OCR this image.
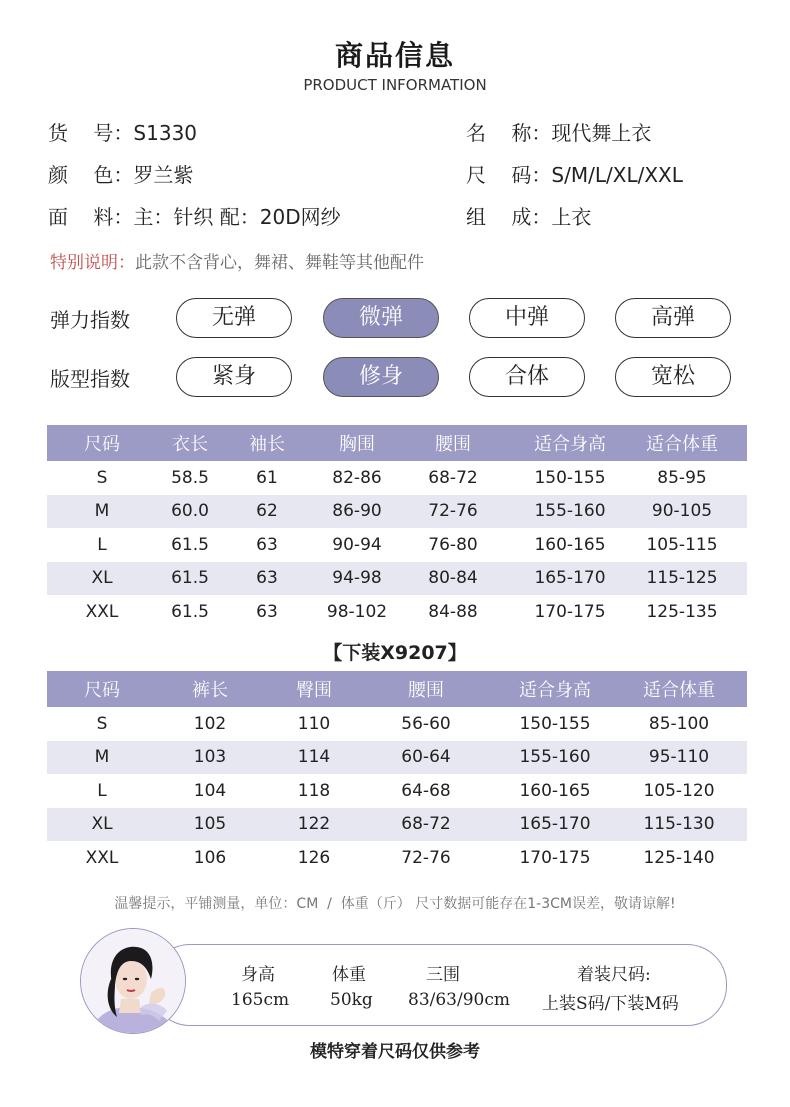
商品信息
PRODUCT INFORMATION
货    号：S1330	名    称：现代舞上衣
颜    色：罗兰紫	尺    码：S/M/L/XL/XXL
面    料：主：针织 配：20D网纱	组    成：上衣
特别说明：此款不含背心，舞裙、舞鞋等其他配件
弹力指数	无弹	微弹	中弹	高弹
版型指数	紧身	修身	合体	宽松
尺码	衣长	袖长	胸围	腰围	适合身高	适合体重
S	58.5	61	82-86	68-72	150-155	85-95
M	60.0	62	86-90	72-76	155-160	90-105
L	61.5	63	90-94	76-80	160-165	105-115
XL	61.5	63	94-98	80-84	165-170	115-125
XXL	61.5	63	98-102	84-88	170-175	125-135
【下装X9207】
尺码	裤长	臀围	腰围	适合身高	适合体重
S	102	110	56-60	150-155	85-100
M	103	114	60-64	155-160	95-110
L	104	118	64-68	160-165	105-120
XL	105	122	68-72	165-170	115-130
XXL	106	126	72-76	170-175	125-140
温馨提示，平铺测量，单位：CM  /  体重（斤） 尺寸数据可能存在1-3CM误差，敬请谅解!
身高
165cm
体重
50kg
三围
83/63/90cm
着装尺码:
上装S码/下装M码
模特穿着尺码仅供参考
